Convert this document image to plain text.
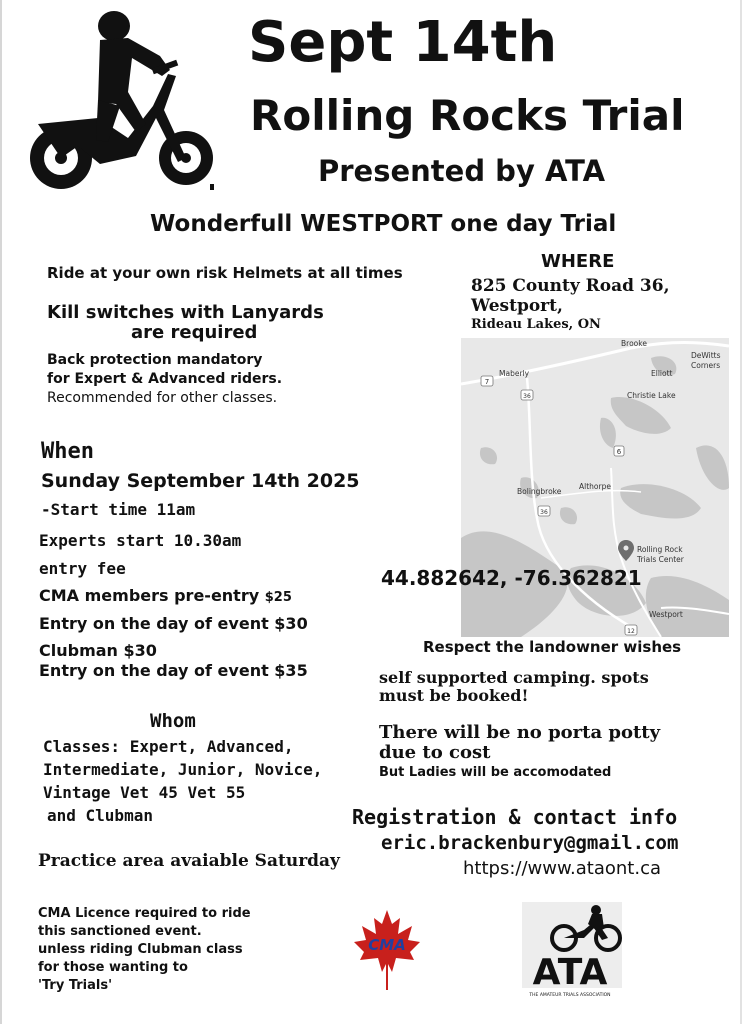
Sept 14th
Rolling Rocks Trial
Presented by ATA
Wonderfull WESTPORT one day Trial
Ride at your own risk Helmets at all times
Kill switches with Lanyards
are required
Back protection mandatory
for Expert & Advanced riders.
Recommended for other classes.
When
Sunday September 14th 2025
-Start time 11am
Experts start 10.30am
entry fee
CMA members pre-entry $25
Entry on the day of event $30
Clubman $30
Entry on the day of event $35
Whom
Classes: Expert, Advanced,
Intermediate, Junior, Novice,
Vintage Vet 45 Vet 55
and Clubman
Practice area avaiable Saturday
CMA Licence required to ride
this sanctioned event.
unless riding Clubman class
for those wanting to
'Try Trials'
WHERE
825 County Road 36,
Westport,
Rideau Lakes, ON
7
36
6
36
12
Brooke
DeWitts
Corners
Maberly	Elliott
Christie Lake
Bolingbroke
Althorpe
Rolling Rock
Trials Center
Westport
44.882642, -76.362821
Respect the landowner wishes
self supported camping. spots
must be booked!
There will be no porta potty
due to cost
But Ladies will be accomodated
Registration & contact info
eric.brackenbury@gmail.com
https://www.ataont.ca
CMA
ATA
THE AMATEUR TRIALS ASSOCIATION
